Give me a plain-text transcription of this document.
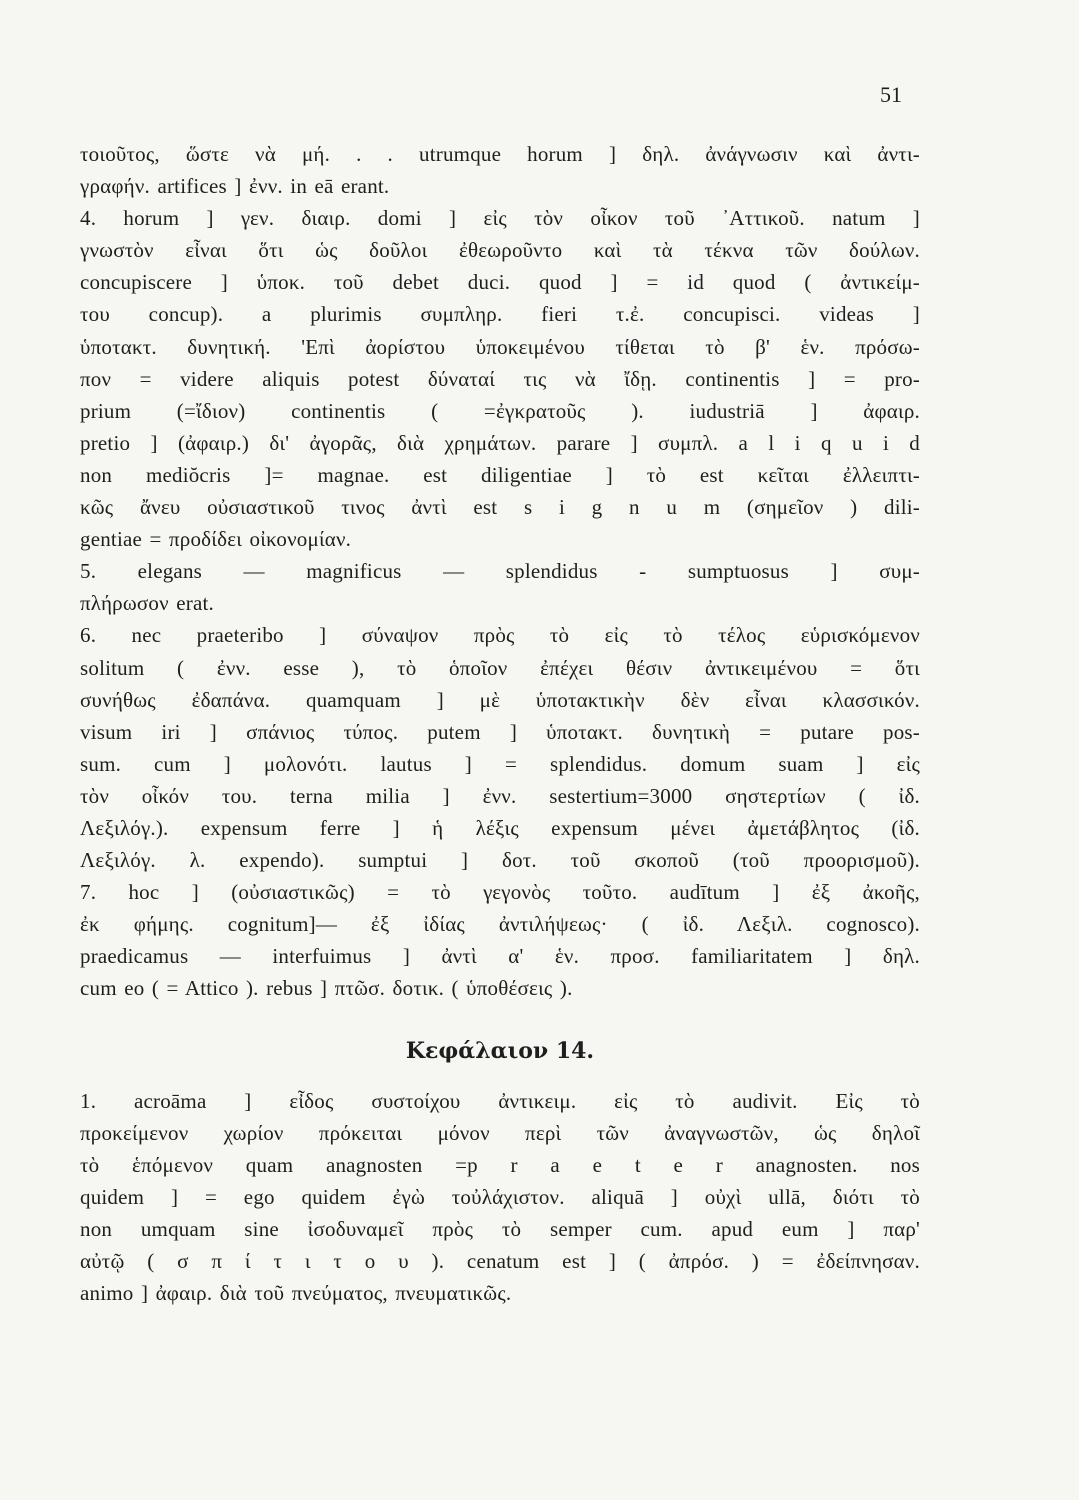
51
τοιοῦτος, ὥστε νὰ μή. . . utrumque horum ] δηλ. ἀνάγνωσιν καὶ ἀντι-
γραφήν. artifices ] ἐνν. in eā erant.
4. horum ] γεν. διαιρ. domi ] εἰς τὸν οἶκον τοῦ ᾿Αττικοῦ. natum ]
γνωστὸν εἶναι ὅτι ὡς δοῦλοι ἐθεωροῦντο καὶ τὰ τέκνα τῶν δούλων.
concupiscere ] ὑποκ. τοῦ debet duci. quod ] = id quod ( ἀντικείμ-
του concup). a plurimis συμπληρ. fieri τ.ἐ. concupisci. videas ]
ὑποτακτ. δυνητική. 'Επὶ ἀορίστου ὑποκειμένου τίθεται τὸ β' ἑν. πρόσω-
πον = videre aliquis potest δύναταί τις νὰ ἴδῃ. continentis ] = pro-
prium (=ἴδιον) continentis ( =ἐγκρατοῦς ). iudustriā ] ἀφαιρ.
pretio ] (ἀφαιρ.) δι' ἀγορᾶς, διὰ χρημάτων. parare ] συμπλ. a l i q u i d
non mediŏcris ]= magnae. est diligentiae ] τὸ est κεῖται ἐλλειπτι-
κῶς ἄνευ οὐσιαστικοῦ τινος ἀντὶ est s i g n u m (σημεῖον ) dili-
gentiae = προδίδει οἰκονομίαν.
5. elegans — magnificus — splendidus - sumptuosus ] συμ-
πλήρωσον erat.
6. nec praeteribo ] σύναψον πρὸς τὸ εἰς τὸ τέλος εὑρισκόμενον
solitum ( ἐνν. esse ), τὸ ὁποῖον ἐπέχει θέσιν ἀντικειμένου = ὅτι
συνήθως ἐδαπάνα. quamquam ] μὲ ὑποτακτικὴν δὲν εἶναι κλασσικόν.
visum iri ] σπάνιος τύπος. putem ] ὑποτακτ. δυνητικὴ = putare pos-
sum. cum ] μολονότι. lautus ] = splendidus. domum suam ] εἰς
τὸν οἶκόν του. terna milia ] ἐνν. sestertium=3000 σηστερτίων ( ἰδ.
Λεξιλόγ.). expensum ferre ] ἡ λέξις expensum μένει ἀμετάβλητος (ἰδ.
Λεξιλόγ. λ. expendo). sumptui ] δοτ. τοῦ σκοποῦ (τοῦ προορισμοῦ).
7. hoc ] (οὐσιαστικῶς) = τὸ γεγονὸς τοῦτο. audītum ] ἐξ ἀκοῆς,
ἐκ φήμης. cognitum]— ἐξ ἰδίας ἀντιλήψεως· ( ἰδ. Λεξιλ. cognosco).
praedicamus — interfuimus ] ἀντὶ α' ἑν. προσ. familiaritatem ] δηλ.
cum eo ( = Attico ). rebus ] πτῶσ. δοτικ. ( ὑποθέσεις ).
Κεφάλαιον 14.
1. acroāma ] εἶδος συστοίχου ἀντικειμ. εἰς τὸ audivit. Εἰς τὸ
προκείμενον χωρίον πρόκειται μόνον περὶ τῶν ἀναγνωστῶν, ὡς δηλοῖ
τὸ ἑπόμενον quam anagnosten =p r a e t e r anagnosten. nos
quidem ] = ego quidem ἐγὼ τοὐλάχιστον. aliquā ] οὐχὶ ullā, διότι τὸ
non umquam sine ἰσοδυναμεῖ πρὸς τὸ semper cum. apud eum ] παρ'
αὐτῷ ( σ π ί τ ι τ ο υ ). cenatum est ] ( ἀπρόσ. ) = ἐδείπνησαν.
animo ] ἀφαιρ. διὰ τοῦ πνεύματος, πνευματικῶς.
